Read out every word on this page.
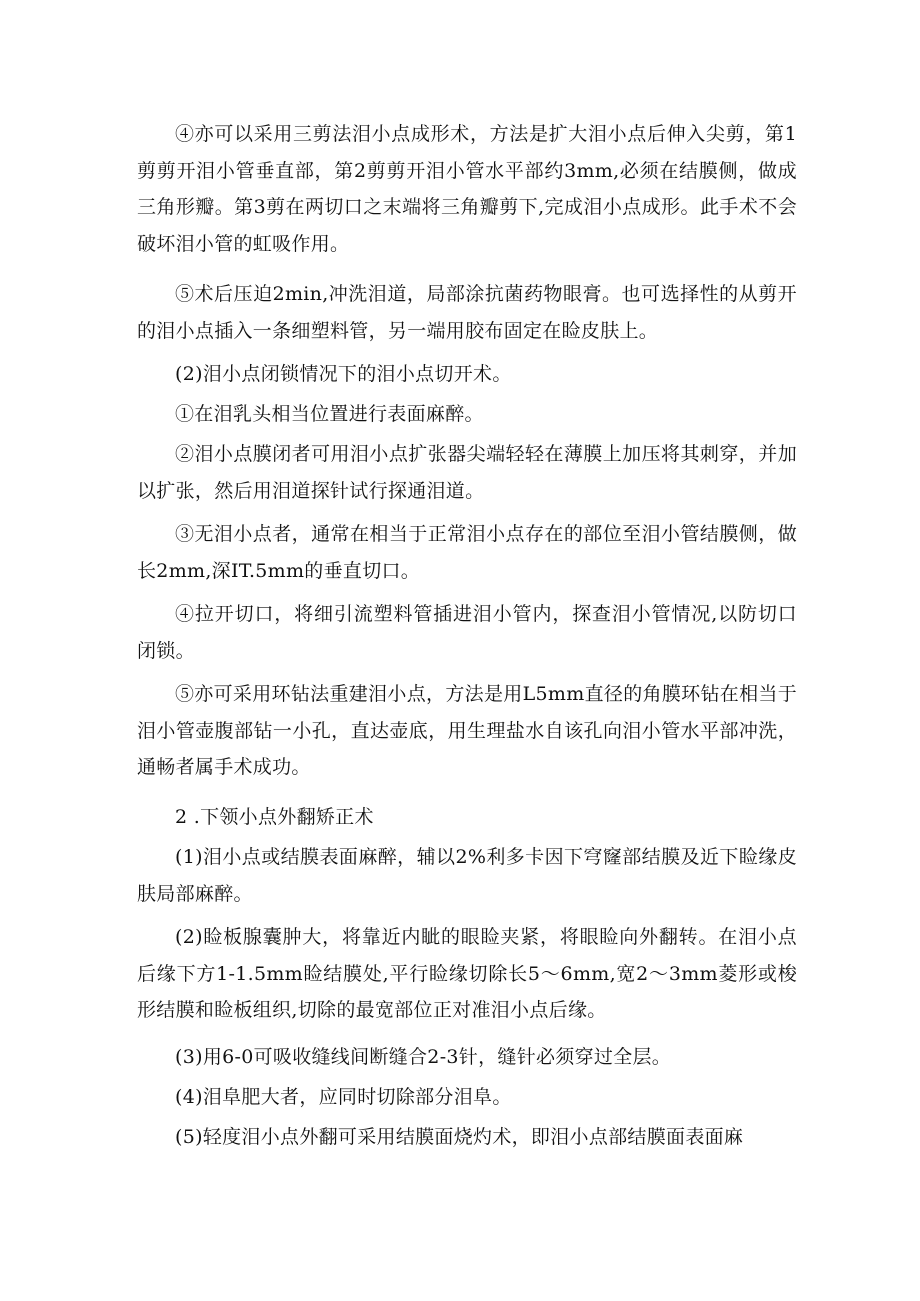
④亦可以采用三剪法泪小点成形术，方法是扩大泪小点后伸入尖剪，第1剪剪开泪小管垂直部，第2剪剪开泪小管水平部约3mm,必须在结膜侧，做成三角形瓣。第3剪在两切口之末端将三角瓣剪下,完成泪小点成形。此手术不会破坏泪小管的虹吸作用。

⑤术后压迫2min,冲洗泪道，局部涂抗菌药物眼膏。也可选择性的从剪开的泪小点插入一条细塑料管，另一端用胶布固定在睑皮肤上。

(2)泪小点闭锁情况下的泪小点切开术。

①在泪乳头相当位置进行表面麻醉。

②泪小点膜闭者可用泪小点扩张器尖端轻轻在薄膜上加压将其刺穿，并加以扩张，然后用泪道探针试行探通泪道。

③无泪小点者，通常在相当于正常泪小点存在的部位至泪小管结膜侧，做长2mm,深IT.5mm的垂直切口。

④拉开切口，将细引流塑料管插进泪小管内，探查泪小管情况,以防切口闭锁。

⑤亦可采用环钻法重建泪小点，方法是用L5mm直径的角膜环钻在相当于泪小管壶腹部钻一小孔，直达壶底，用生理盐水自该孔向泪小管水平部冲洗，通畅者属手术成功。

2 .下领小点外翻矫正术

(1)泪小点或结膜表面麻醉，辅以2%利多卡因下穹窿部结膜及近下睑缘皮肤局部麻醉。

(2)睑板腺囊肿大，将靠近内眦的眼睑夹紧，将眼睑向外翻转。在泪小点后缘下方1-1.5mm睑结膜处,平行睑缘切除长5～6mm,宽2～3mm菱形或梭形结膜和睑板组织,切除的最宽部位正对准泪小点后缘。

(3)用6-0可吸收缝线间断缝合2-3针，缝针必须穿过全层。

(4)泪阜肥大者，应同时切除部分泪阜。

(5)轻度泪小点外翻可采用结膜面烧灼术，即泪小点部结膜面表面麻
